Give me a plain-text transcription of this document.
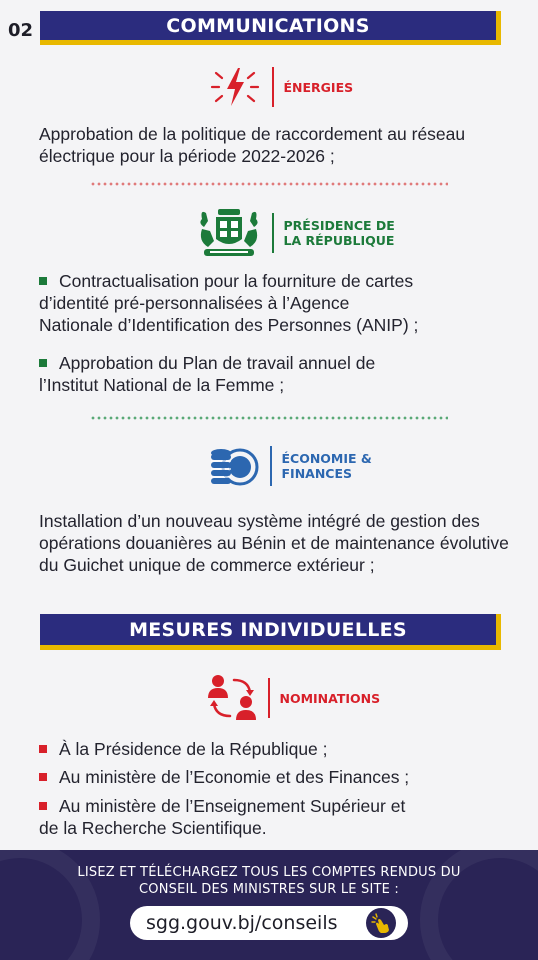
02	COMMUNICATIONS
ÉNERGIES
Approbation de la politique de raccordement au réseau électrique pour la période 2022-2026 ;
PRÉSIDENCE DE
LA RÉPUBLIQUE
Contractualisation pour la fourniture de cartes
d’identité pré-personnalisées à l’Agence
Nationale d’Identification des Personnes (ANIP) ;
Approbation du Plan de travail annuel de
l’Institut National de la Femme ;
ÉCONOMIE &
FINANCES
Installation d’un nouveau système intégré de gestion des opérations douanières au Bénin et de maintenance évolutive du Guichet unique de commerce extérieur ;
MESURES INDIVIDUELLES
NOMINATIONS
À la Présidence de la République ;
Au ministère de l’Economie et des Finances ;
Au ministère de l’Enseignement Supérieur et
de la Recherche Scientifique.
LISEZ ET TÉLÉCHARGEZ TOUS LES COMPTES RENDUS DU
CONSEIL DES MINISTRES SUR LE SITE :
sgg.gouv.bj/conseils
